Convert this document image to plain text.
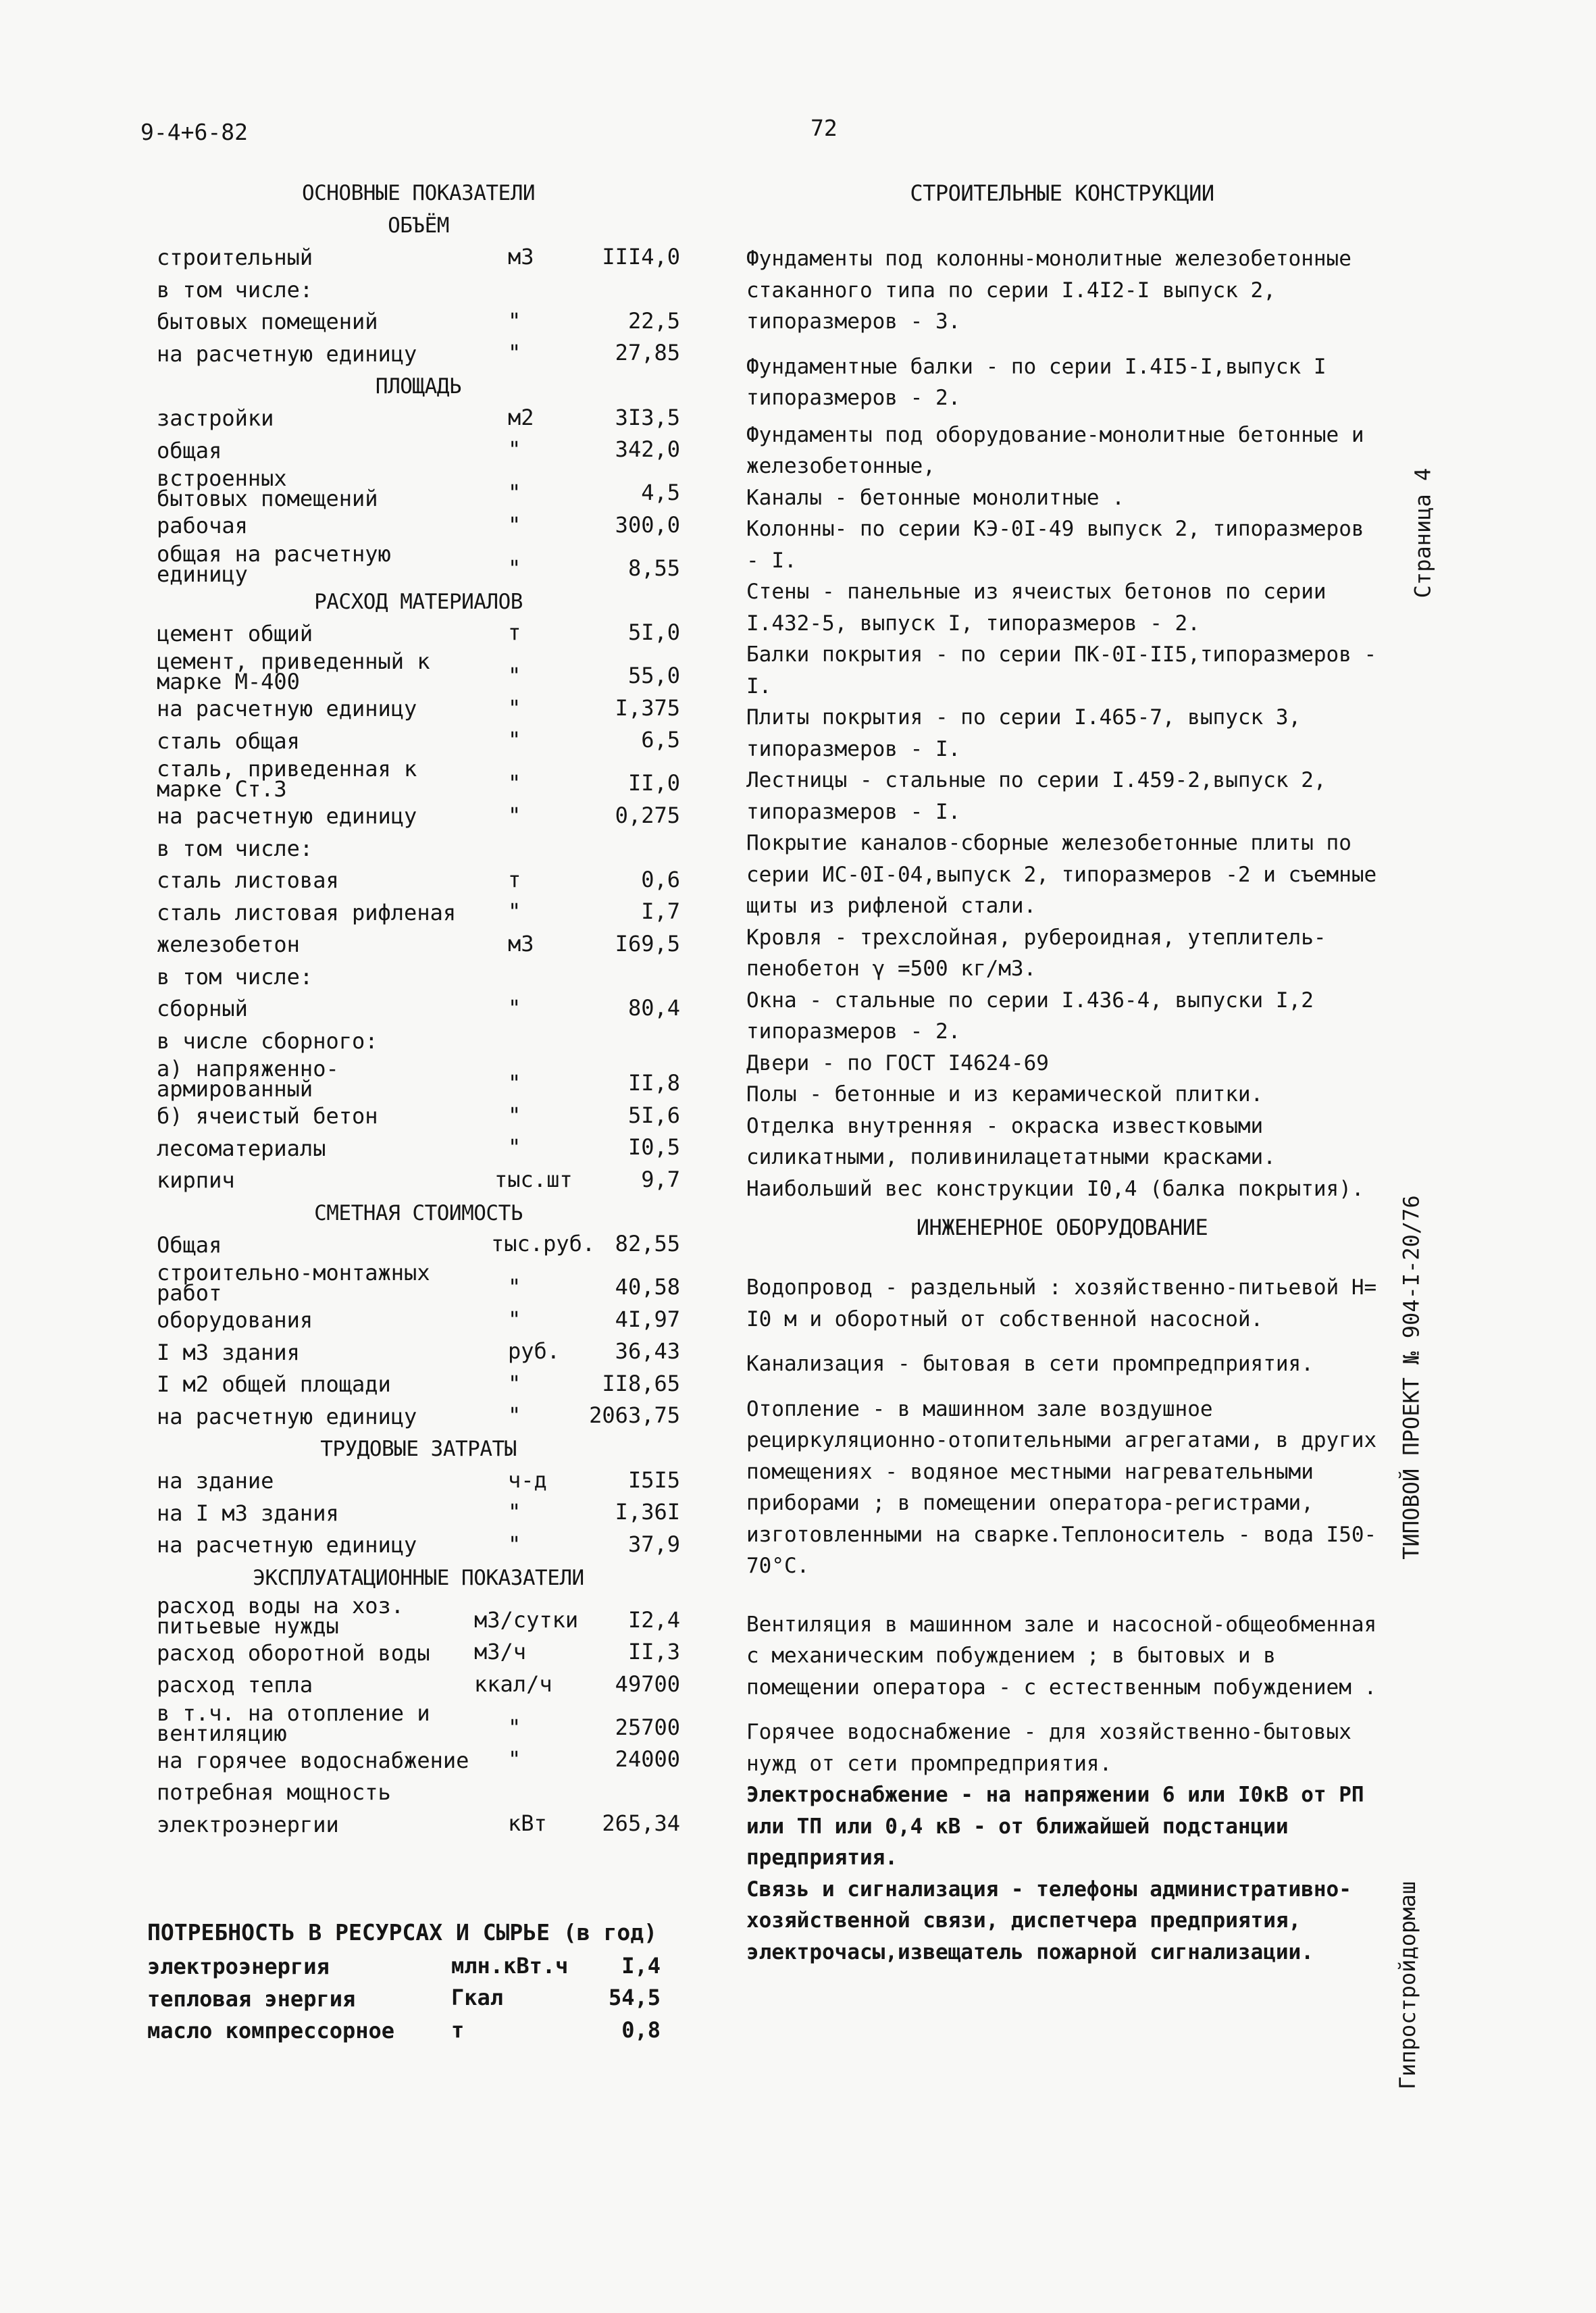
9-4+6-82	72
Страница 4
ТИПОВОЙ ПРОЕКТ № 904-I-20/76
Гипростройдормаш
ОСНОВНЫЕ ПОКАЗАТЕЛИ
ОБЪЁМ
строительный	м3	III4,0
в том числе:
бытовых помещений	"	22,5
на расчетную единицу	"	27,85
ПЛОЩАДЬ
застройки	м2	3I3,5
общая	"	342,0
встроенных бытовых помещений	"	4,5
рабочая	"	300,0
общая на расчетную единицу	"	8,55
РАСХОД МАТЕРИАЛОВ
цемент общий	т	5I,0
цемент, приведенный к марке М-400	"	55,0
на расчетную единицу	"	I,375
сталь общая	"	6,5
сталь, приведенная к марке Ст.3	"	II,0
на расчетную единицу	"	0,275
в том числе:
сталь листовая	т	0,6
сталь листовая рифленая "	I,7
железобетон	м3	I69,5
в том числе:
сборный	"	80,4
в числе сборного:
а) напряженно-армированный	"	II,8
б) ячеистый бетон	"	5I,6
лесоматериалы	"	I0,5
кирпич	тыс.шт	9,7
СМЕТНАЯ СТОИМОСТЬ
Общая	тыс.руб. 82,55
строительно-монтажных работ	"	40,58
оборудования	"	4I,97
I м3 здания	руб.	36,43
I м2 общей площади	"	II8,65
на расчетную единицу	"	2063,75
ТРУДОВЫЕ ЗАТРАТЫ
на здание	ч-д	I5I5
на I м3 здания	"	I,36I
на расчетную единицу	"	37,9
ЭКСПЛУАТАЦИОННЫЕ ПОКАЗАТЕЛИ
расход воды на хоз. питьевые нужды	м3/сутки I2,4
расход оборотной воды м3/ч	II,3
расход тепла	ккал/ч	49700
в т.ч. на отопление и вентиляцию	"	25700
на горячее водоснабжение "	24000
потребная мощность
электроэнергии	кВт	265,34
ПОТРЕБНОСТЬ В РЕСУРСАХ И СЫРЬЕ (в год)
электроэнергия	млн.кВт.ч I,4
тепловая энергия	Гкал	54,5
масло компрессорное	т	0,8
СТРОИТЕЛЬНЫЕ КОНСТРУКЦИИ
Фундаменты под колонны-монолитные железобетонные стаканного типа по серии I.4I2-I выпуск 2, типоразмеров - 3.
Фундаментные балки - по серии I.4I5-I,выпуск I типоразмеров - 2.
Фундаменты под оборудование-монолитные бетонные и железобетонные,
Каналы - бетонные монолитные .
Колонны- по серии КЭ-0I-49 выпуск 2, типоразмеров - I.
Стены - панельные из ячеистых бетонов по серии I.432-5, выпуск I, типоразмеров - 2.
Балки покрытия - по серии ПК-0I-II5,типоразмеров - I.
Плиты покрытия - по серии I.465-7, выпуск 3, типоразмеров - I.
Лестницы - стальные по серии I.459-2,выпуск 2, типоразмеров - I.
Покрытие каналов-сборные железобетонные плиты по серии ИС-0I-04,выпуск 2, типоразмеров -2 и съемные щиты из рифленой стали.
Кровля - трехслойная, рубероидная, утеплитель-пенобетон γ =500 кг/м3.
Окна - стальные по серии I.436-4, выпуски I,2 типоразмеров - 2.
Двери - по ГОСТ I4624-69
Полы - бетонные и из керамической плитки.
Отделка внутренняя - окраска известковыми силикатными, поливинилацетатными красками.
Наибольший вес конструкции I0,4 (балка покрытия).
ИНЖЕНЕРНОЕ ОБОРУДОВАНИЕ
Водопровод - раздельный : хозяйственно-питьевой Н= I0 м и оборотный от собственной насосной.
Канализация - бытовая в сети промпредприятия.
Отопление - в машинном зале воздушное рециркуляционно-отопительными агрегатами, в других помещениях - водяное местными нагревательными приборами ; в помещении оператора-регистрами, изготовленными на сварке.Теплоноситель - вода I50-70°С.
Вентиляция в машинном зале и насосной-общеобменная с механическим побуждением ; в бытовых и в помещении оператора - с естественным побуждением .
Горячее водоснабжение - для хозяйственно-бытовых нужд от сети промпредприятия.
Электроснабжение - на напряжении 6 или I0кВ от РП или ТП или 0,4 кВ - от ближайшей подстанции предприятия.
Связь и сигнализация - телефоны административно-хозяйственной связи, диспетчера предприятия, электрочасы,извещатель пожарной сигнализации.
